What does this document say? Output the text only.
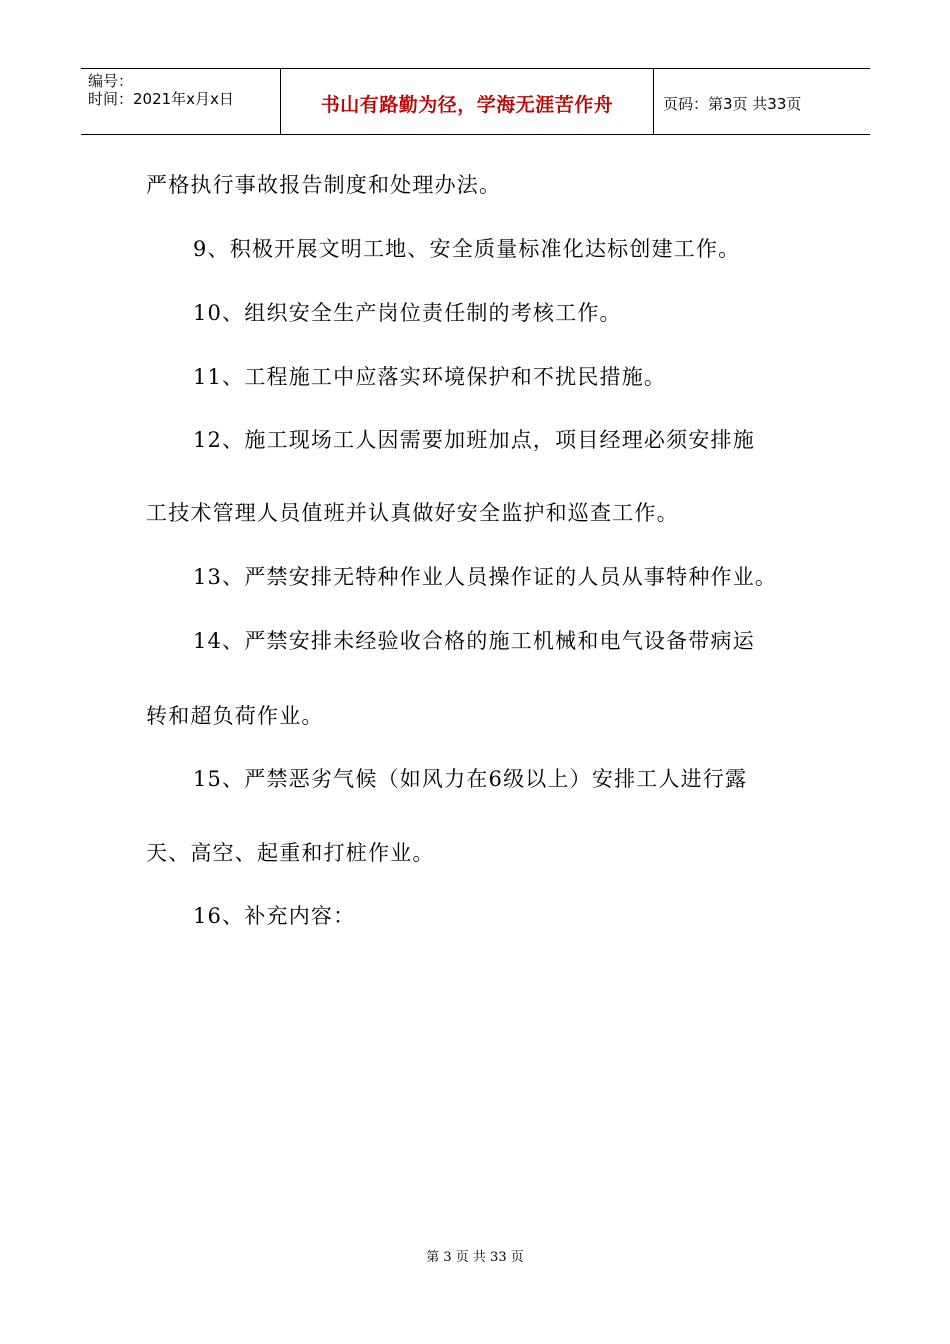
编号：
时间：2021年x月x日	书山有路勤为径，学海无涯苦作舟	页码：第3页 共33页
严格执行事故报告制度和处理办法。
9、积极开展文明工地、安全质量标准化达标创建工作。
10、组织安全生产岗位责任制的考核工作。
11、工程施工中应落实环境保护和不扰民措施。
12、施工现场工人因需要加班加点，项目经理必须安排施
工技术管理人员值班并认真做好安全监护和巡查工作。
13、严禁安排无特种作业人员操作证的人员从事特种作业。
14、严禁安排未经验收合格的施工机械和电气设备带病运
转和超负荷作业。
15、严禁恶劣气候（如风力在6级以上）安排工人进行露
天、高空、起重和打桩作业。
16、补充内容：
第 3 页 共 33 页
